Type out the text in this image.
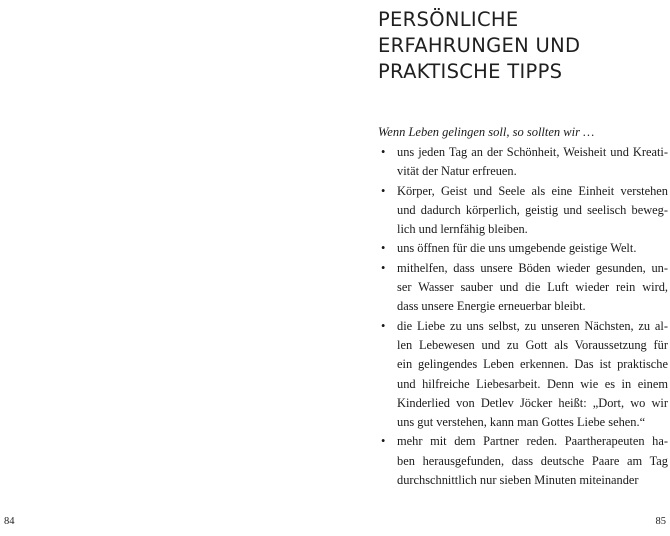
84
PERSÖNLICHE
ERFAHRUNGEN UND
PRAKTISCHE TIPPS
Wenn Leben gelingen soll, so sollten wir …
• uns jeden Tag an der Schönheit, Weisheit und Kreati-
vität der Natur erfreuen.
• Körper, Geist und Seele als eine Einheit verstehen
und dadurch körperlich, geistig und seelisch beweg-
lich und lernfähig bleiben.
• uns öffnen für die uns umgebende geistige Welt.
• mithelfen, dass unsere Böden wieder gesunden, un-
ser Wasser sauber und die Luft wieder rein wird,
dass unsere Energie erneuerbar bleibt.
• die Liebe zu uns selbst, zu unseren Nächsten, zu al-
len Lebewesen und zu Gott als Voraussetzung für
ein gelingendes Leben erkennen. Das ist praktische
und hilfreiche Liebesarbeit. Denn wie es in einem
Kinderlied von Detlev Jöcker heißt: „Dort, wo wir
uns gut verstehen, kann man Gottes Liebe sehen.“
• mehr mit dem Partner reden. Paartherapeuten ha-
ben herausgefunden, dass deutsche Paare am Tag
durchschnittlich nur sieben Minuten miteinander
85
